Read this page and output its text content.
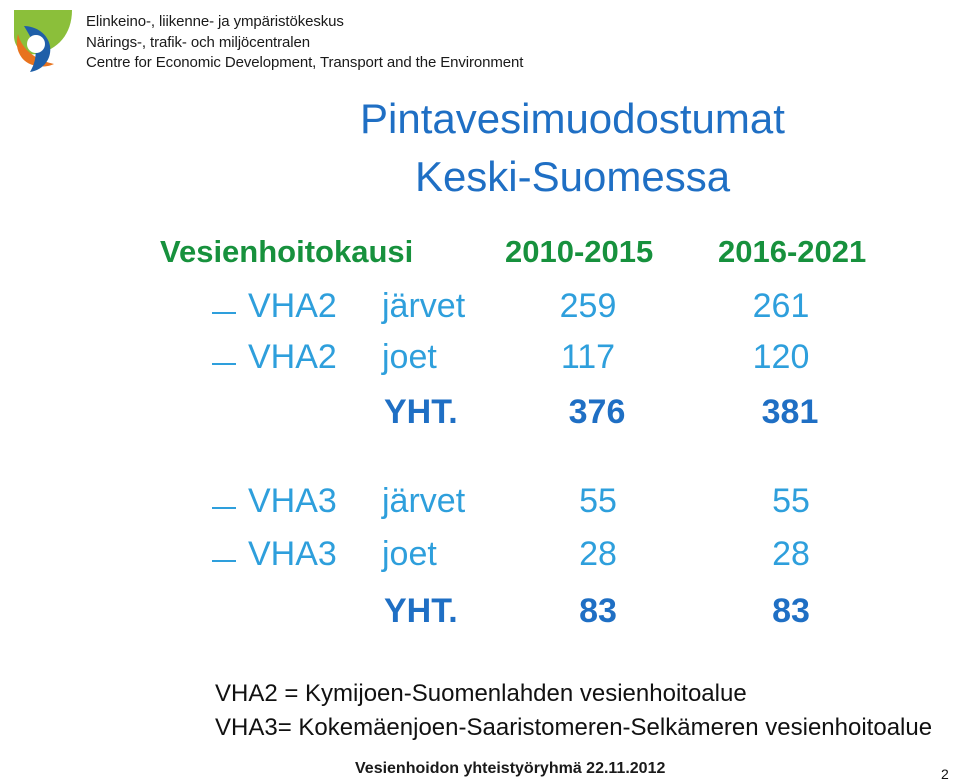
Elinkeino-, liikenne- ja ympäristökeskus
Närings-, trafik- och miljöcentralen
Centre for Economic Development, Transport and the Environment
Pintavesimuodostumat
Keski-Suomessa
Vesienhoitokausi	2010-2015 2016-2021
VHA2 järvet	259	261
VHA2 joet	117	120
YHT.	376	381
VHA3 järvet	55	55
VHA3 joet	28	28
YHT.	83	83
VHA2 = Kymijoen-Suomenlahden vesienhoitoalue
VHA3= Kokemäenjoen-Saaristomeren-Selkämeren vesienhoitoalue
Vesienhoidon yhteistyöryhmä 22.11.2012	2
